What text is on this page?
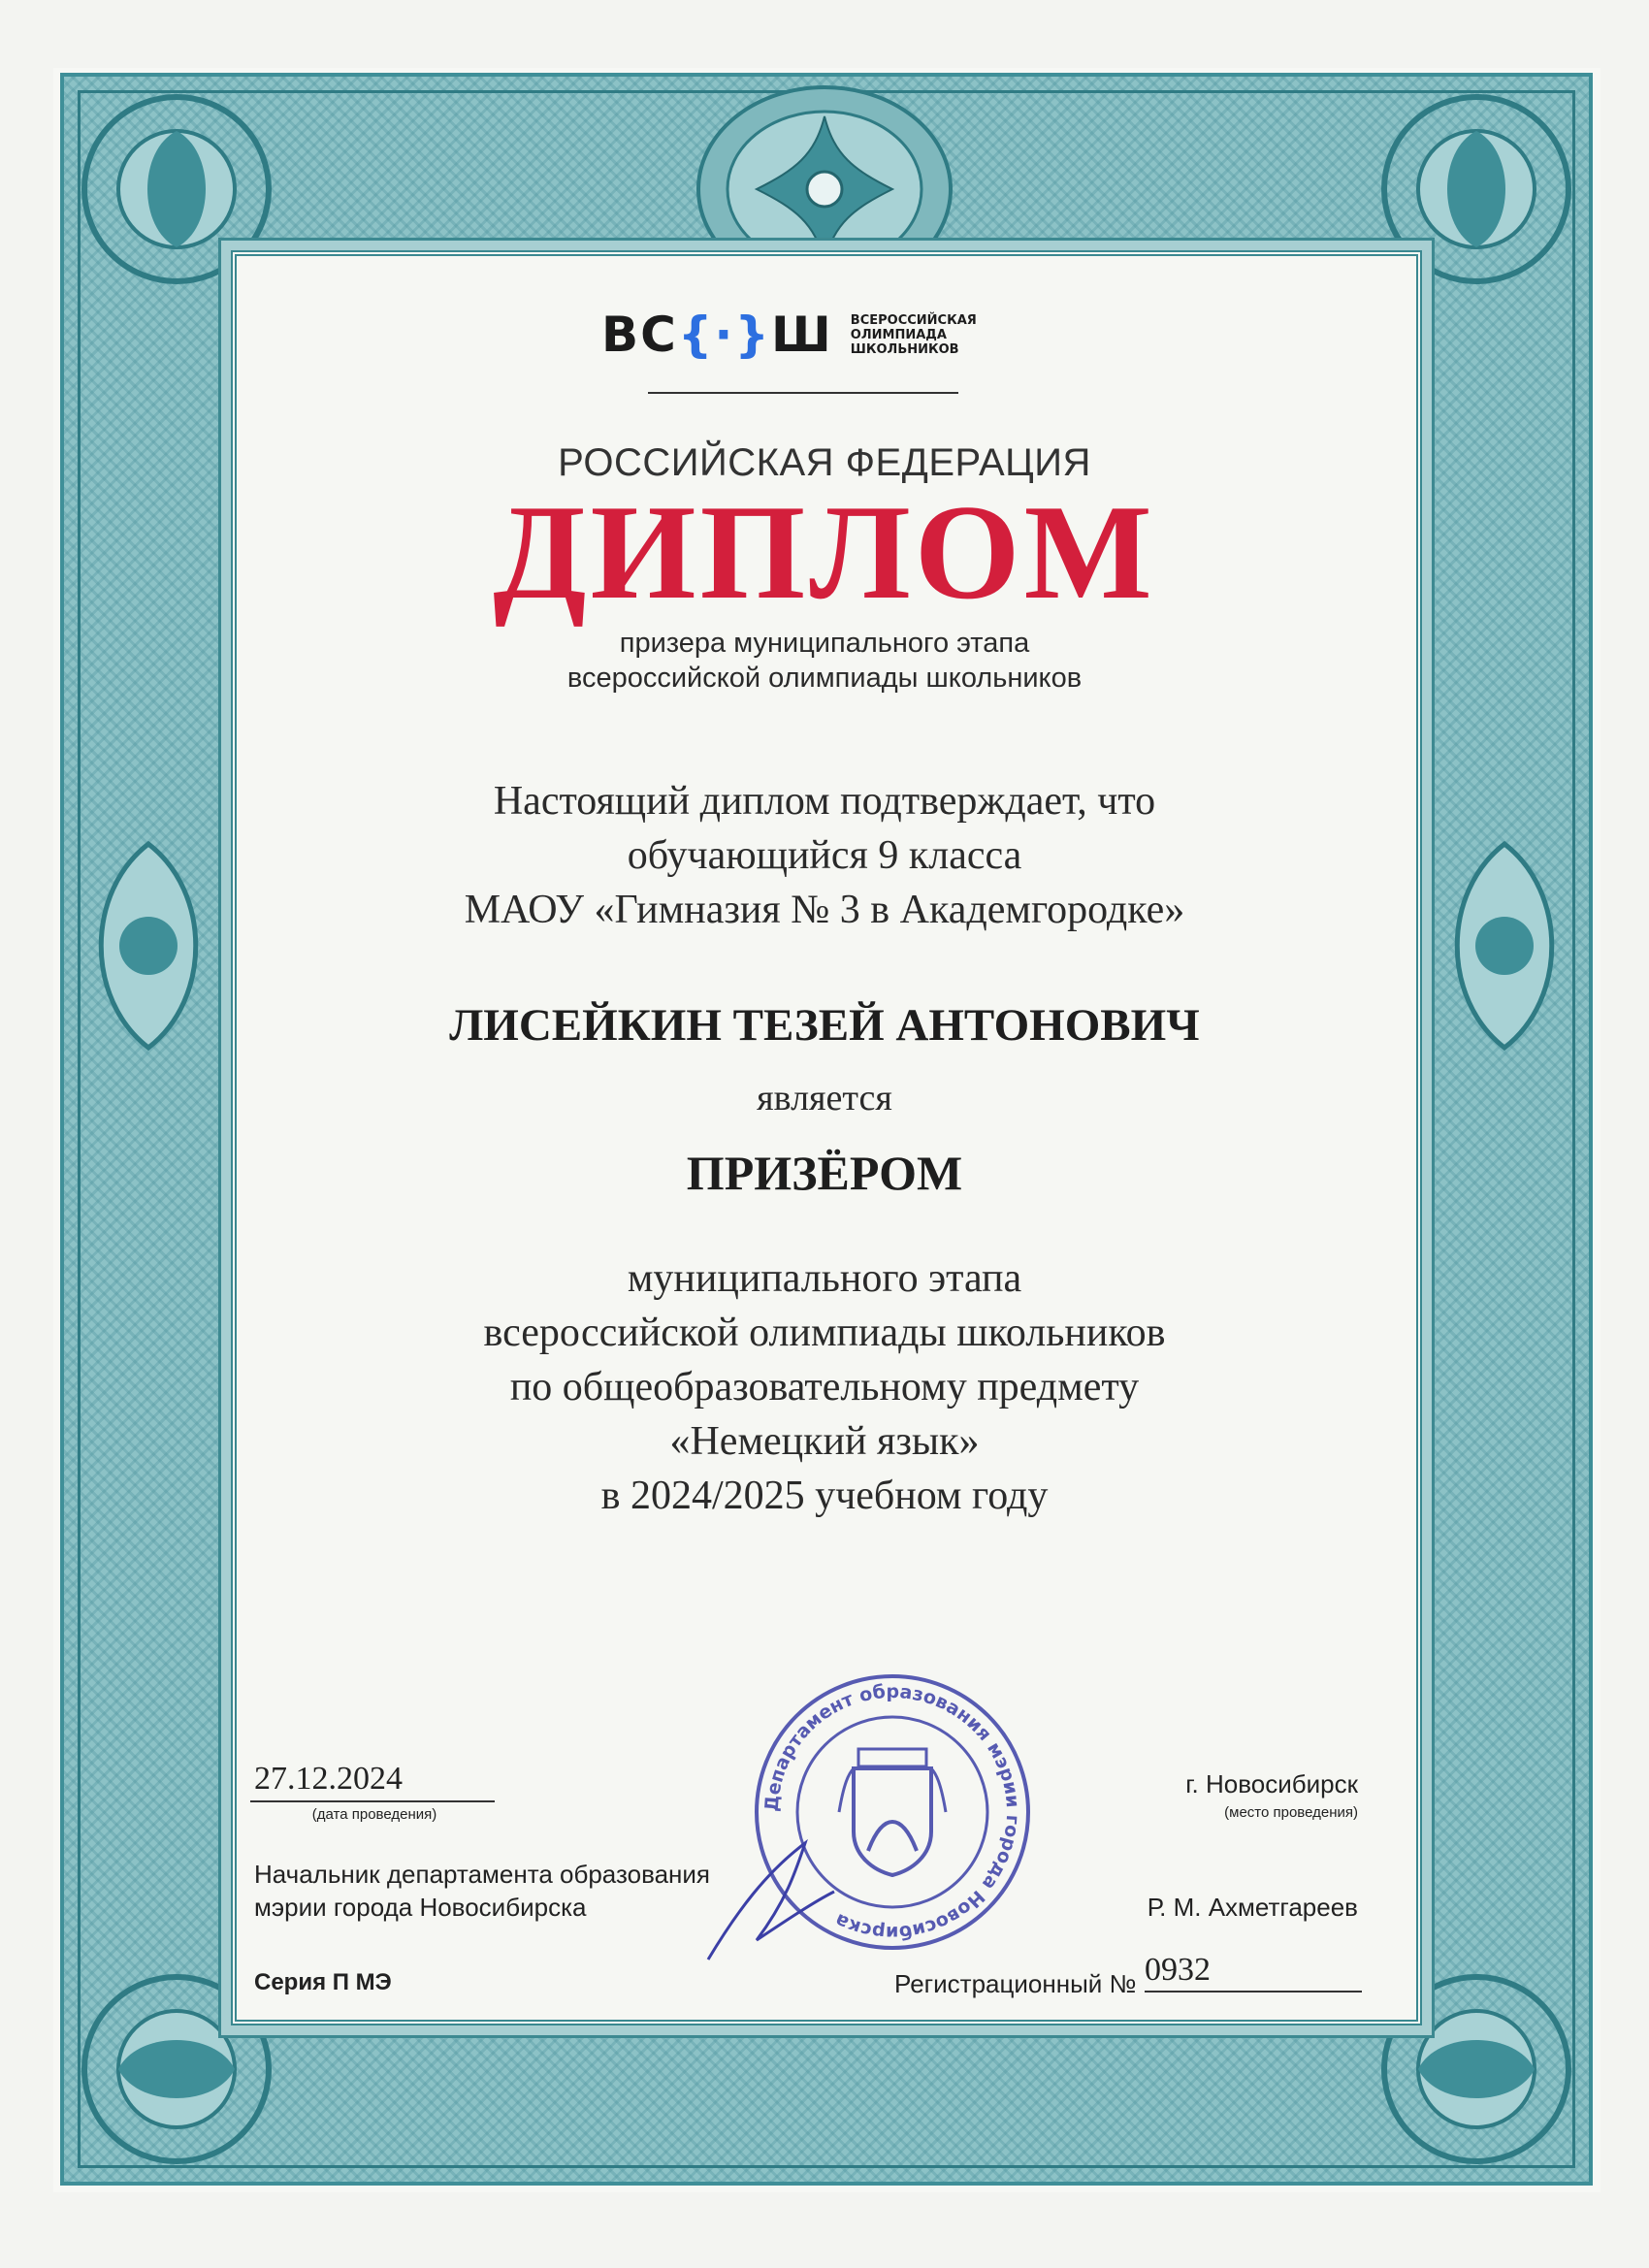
ВС{·}Ш ВСЕРОССИЙСКАЯ ОЛИМПИАДА ШКОЛЬНИКОВ
РОССИЙСКАЯ ФЕДЕРАЦИЯ
ДИПЛОМ
призера муниципального этапа
всероссийской олимпиады школьников
Настоящий диплом подтверждает, что
обучающийся 9 класса
МАОУ «Гимназия № 3 в Академгородке»
ЛИСЕЙКИН ТЕЗЕЙ АНТОНОВИЧ
является
ПРИЗЁРОМ
муниципального этапа
всероссийской олимпиады школьников
по общеобразовательному предмету
«Немецкий язык»
в 2024/2025 учебном году
27.12.2024
(дата проведения)
г. Новосибирск
(место проведения)
Начальник департамента образования
мэрии города Новосибирска	Р. М. Ахметгареев
Серия П МЭ	Регистрационный № 0932
Департамент образования мэрии города Новосибирска
